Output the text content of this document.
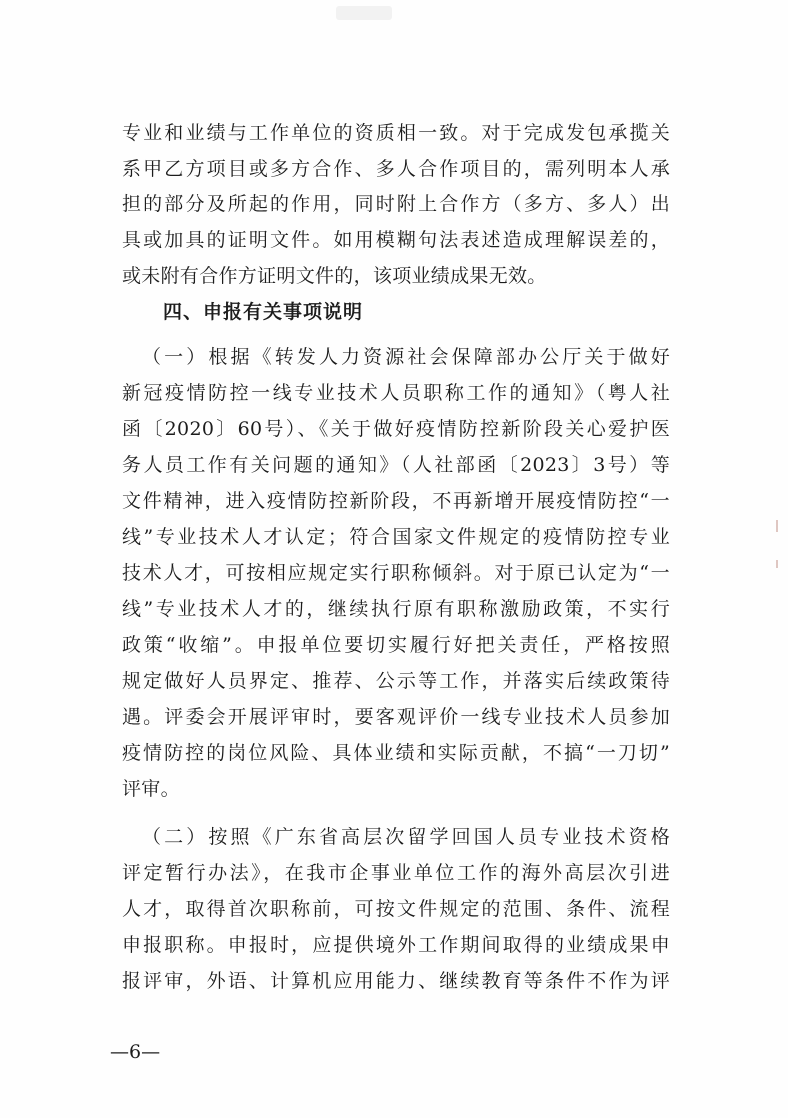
专业和业绩与工作单位的资质相一致。对于完成发包承揽关
系甲乙方项目或多方合作、多人合作项目的，需列明本人承
担的部分及所起的作用，同时附上合作方（多方、多人）出
具或加具的证明文件。如用模糊句法表述造成理解误差的，
或未附有合作方证明文件的，该项业绩成果无效。
四、申报有关事项说明
（一）根据《转发人力资源社会保障部办公厅关于做好
新冠疫情防控一线专业技术人员职称工作的通知》（粤人社
函〔2020〕60号）、《关于做好疫情防控新阶段关心爱护医
务人员工作有关问题的通知》（人社部函〔2023〕3号）等
文件精神，进入疫情防控新阶段，不再新增开展疫情防控“一
线”专业技术人才认定；符合国家文件规定的疫情防控专业
技术人才，可按相应规定实行职称倾斜。对于原已认定为“一
线”专业技术人才的，继续执行原有职称激励政策，不实行
政策“收缩”。申报单位要切实履行好把关责任，严格按照
规定做好人员界定、推荐、公示等工作，并落实后续政策待
遇。评委会开展评审时，要客观评价一线专业技术人员参加
疫情防控的岗位风险、具体业绩和实际贡献，不搞“一刀切”
评审。
（二）按照《广东省高层次留学回国人员专业技术资格
评定暂行办法》，在我市企事业单位工作的海外高层次引进
人才，取得首次职称前，可按文件规定的范围、条件、流程
申报职称。申报时，应提供境外工作期间取得的业绩成果申
报评审，外语、计算机应用能力、继续教育等条件不作为评
—6—
